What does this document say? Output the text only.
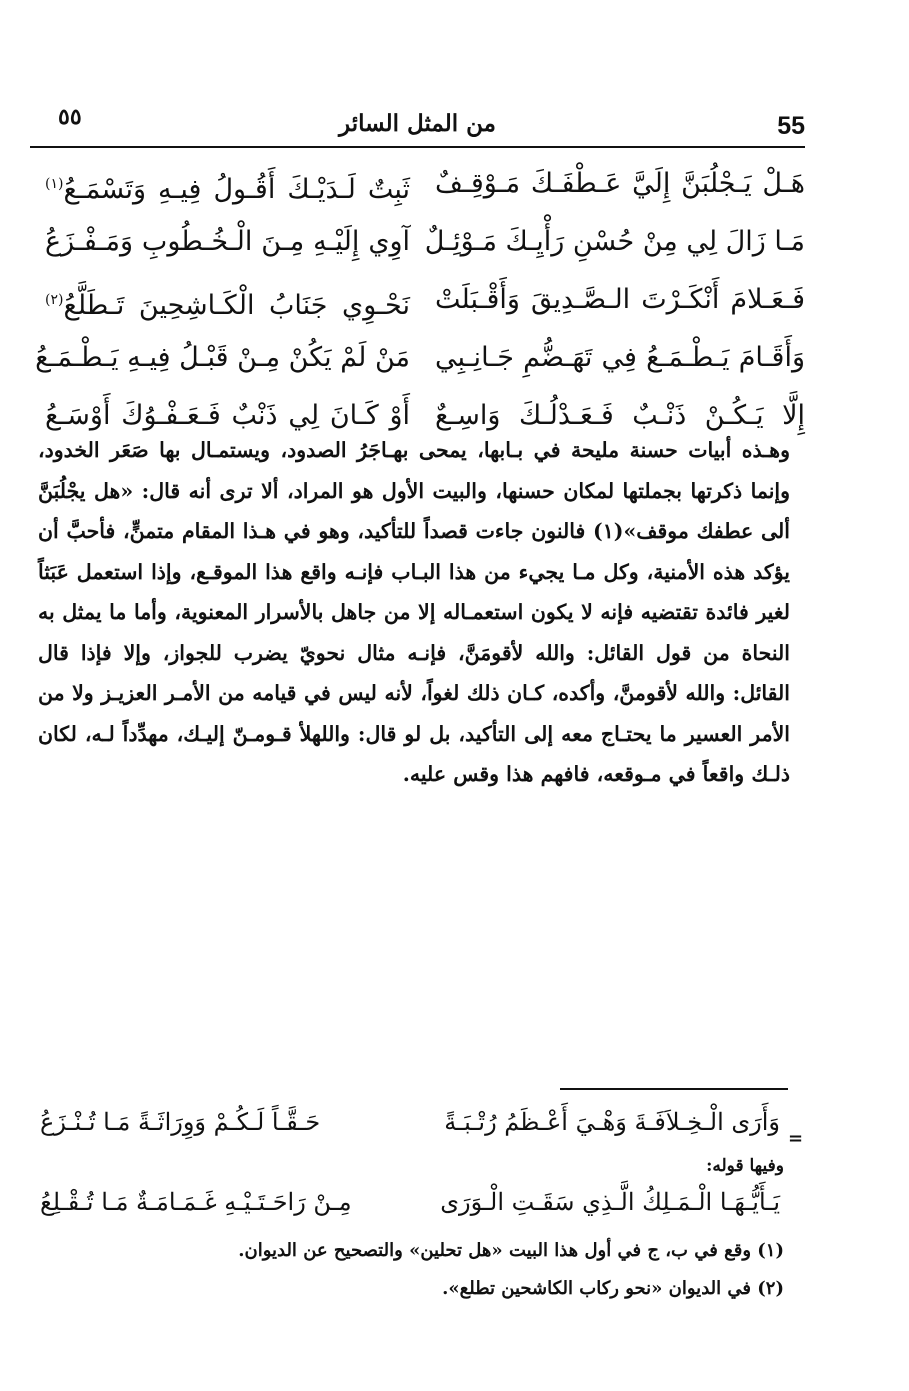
٥٥	من المثل السائر	55
هَـلْ يَـجْلُبَنَّ إِلَيَّ عَـطْفَـكَ مَـوْقِـفٌ
ثَبِتٌ لَـدَيْـكَ أَقُـولُ فِيـهِ وَتَسْمَـعُ$^{(١)}$
مَـا زَالَ لِي مِنْ حُسْنِ رَأْيِـكَ مَـوْئِـلٌ
آوِي إِلَيْـهِ مِـنَ الْـخُـطُوبِ وَمَـفْـزَعُ
فَـعَـلامَ أَنْكَـرْتَ الـصَّـدِيقَ وَأَقْـبَلَتْ
نَحْـوِي جَنَابُ الْكَـاشِحِينَ تَـطَلَّعُ$^{(٢)}$
وَأَقَـامَ يَـطْـمَـعُ فِي تَهَـضُّمِ جَـانِـبِي
مَنْ لَمْ يَكُنْ مِـنْ قَبْـلُ فِيـهِ يَـطْـمَـعُ
إِلَّا يَـكُـنْ ذَنْـبٌ فَـعَـدْلُـكَ وَاسِـعٌ
أَوْ كَـانَ لِي ذَنْبٌ فَـعَـفْـوُكَ أَوْسَـعُ

وهـذه أبيات حسنة مليحة في بـابها، يمحى بهـاجَرُ الصدود، ويستمـال بها صَعَر الخدود، وإنما ذكرتها بجملتها لمكان حسنها، والبيت الأول هو المراد، ألا ترى أنه قال: «هل يجْلُبَنَّ ألى عطفك موقف»(١) فالنون جاءت قصداً للتأكيد، وهو في هـذا المقام متمنٍّ، فأحبَّ أن يؤكد هذه الأمنية، وكل مـا يجيء من هذا البـاب فإنـه واقع هذا الموقـع، وإذا استعمل عَبَثاً لغير فائدة تقتضيه فإنه لا يكون استعمـاله إلا من جاهل بالأسرار المعنوية، وأما ما يمثل به النحاة من قول القائل: والله لأقومَنَّ، فإنـه مثال نحويّ يضرب للجواز، وإلا فإذا قال القائل: والله لأقومنَّ، وأكده، كـان ذلك لغواً، لأنه ليس في قيامه من الأمـر العزيـز ولا من الأمر العسير ما يحتـاج معه إلى التأكيد، بل لو قال: واللهلأ قـومـنّ إليـك، مهدِّداً لـه، لكان ذلـك واقعاً في مـوقعه، فافهم هذا وقس عليه.

=
وَأَرَى الْـخِـلاَفَـةَ وَهْـيَ أَعْـظَمُ رُتْـبَـةً
حَـقَّـاً لَـكُـمْ وَوِرَاثَـةً مَـا تُـنْـزَعُ
وفيها قوله:
يَـأَيُّـهَـا الْـمَـلِكُ الَّـذِي سَقَـتِ الْـوَرَى
مِـنْ رَاحَـتَـيْـهِ غَـمَـامَـةٌ مَـا تُـقْـلِعُ
(١) وقع في ب، ج في أول هذا البيت «هل تحلين» والتصحيح عن الديوان.
(٢) في الديوان «نحو ركاب الكاشحين تطلع».
